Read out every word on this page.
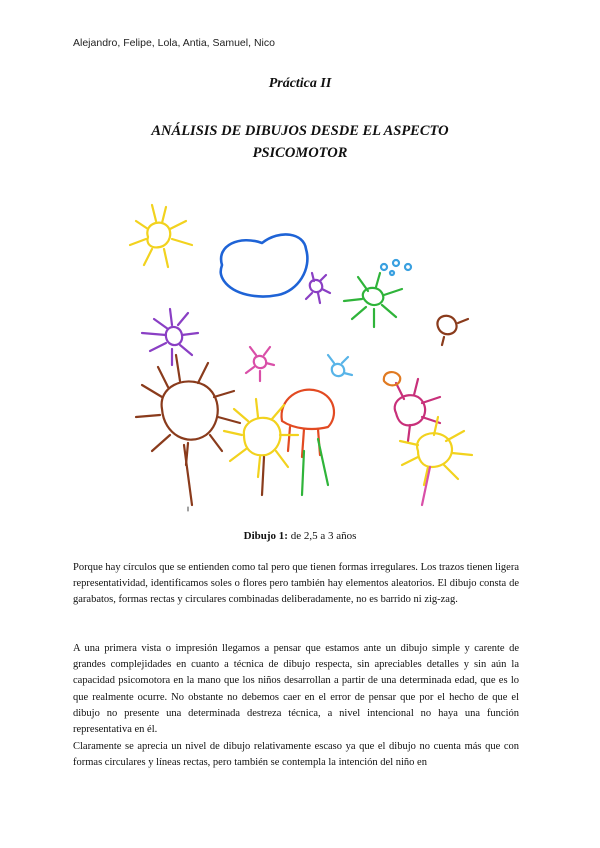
Alejandro, Felipe, Lola, Antia, Samuel, Nico
Práctica II
ANÁLISIS DE DIBUJOS DESDE EL ASPECTO
PSICOMOTOR
Dibujo 1: de 2,5 a 3 años

Porque hay círculos que se entienden como tal pero que tienen formas irregulares. Los trazos tienen ligera representatividad, identificamos soles o flores pero también hay elementos aleatorios. El dibujo consta de garabatos, formas rectas y circulares combinadas deliberadamente, no es barrido ni zig-zag.

A una primera vista o impresión llegamos a pensar que estamos ante un dibujo simple y carente de grandes complejidades en cuanto a técnica de dibujo respecta, sin apreciables detalles y sin aún la capacidad psicomotora en la mano que los niños desarrollan a partir de una determinada edad, que es lo que realmente ocurre. No obstante no debemos caer en el error de pensar que por el hecho de que el dibujo no presente una determinada destreza técnica, a nivel intencional no haya una función representativa en él.

Claramente se aprecia un nivel de dibujo relativamente escaso ya que el dibujo no cuenta más que con formas circulares y líneas rectas, pero también se contempla la intención del niño en
